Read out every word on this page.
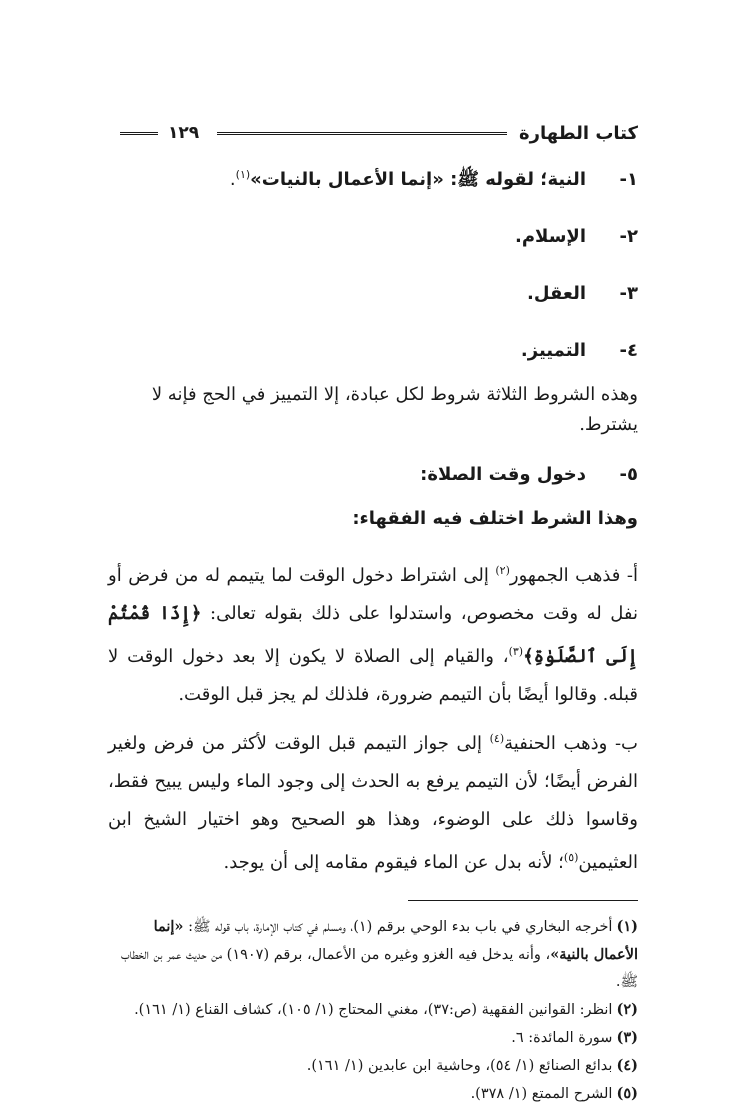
كتاب الطهارة
١٢٩
١-النية؛ لقوله ﷺ: «إنما الأعمال بالنيات»$^{(١)}$.
٢-الإسلام.
٣-العقل.
٤-التمييز.

وهذه الشروط الثلاثة شروط لكل عبادة، إلا التمييز في الحج فإنه لا يشترط.

٥-دخول وقت الصلاة:

وهذا الشرط اختلف فيه الفقهاء:

أ- فذهب الجمهور$^{(٢)}$ إلى اشتراط دخول الوقت لما يتيمم له من فرض أو نفل له وقت مخصوص، واستدلوا على ذلك بقوله تعالى: ﴿إِذَا قُمْتُمْ إِلَى ٱلصَّلَوٰةِ﴾$^{(٣)}$، والقيام إلى الصلاة لا يكون إلا بعد دخول الوقت لا قبله. وقالوا أيضًا بأن التيمم ضرورة، فلذلك لم يجز قبل الوقت.

ب- وذهب الحنفية$^{(٤)}$ إلى جواز التيمم قبل الوقت لأكثر من فرض ولغير الفرض أيضًا؛ لأن التيمم يرفع به الحدث إلى وجود الماء وليس يبيح فقط، وقاسوا ذلك على الوضوء، وهذا هو الصحيح وهو اختيار الشيخ ابن العثيمين$^{(٥)}$؛ لأنه بدل عن الماء فيقوم مقامه إلى أن يوجد.

(١)أخرجه البخاري في باب بدء الوحي برقم (١)، ومسلم في كتاب الإمارة، باب قوله ﷺ: «إنما الأعمال بالنية»، وأنه يدخل فيه الغزو وغيره من الأعمال، برقم (١٩٠٧) من حديث عمر بن الخطاب ﷺ.

(٢)انظر: القوانين الفقهية (ص:٣٧)، مغني المحتاج (١/ ١٠٥)، كشاف القناع (١/ ١٦١).

(٣)سورة المائدة: ٦.

(٤)بدائع الصنائع (١/ ٥٤)، وحاشية ابن عابدين (١/ ١٦١).

(٥)الشرح الممتع (١/ ٣٧٨).
